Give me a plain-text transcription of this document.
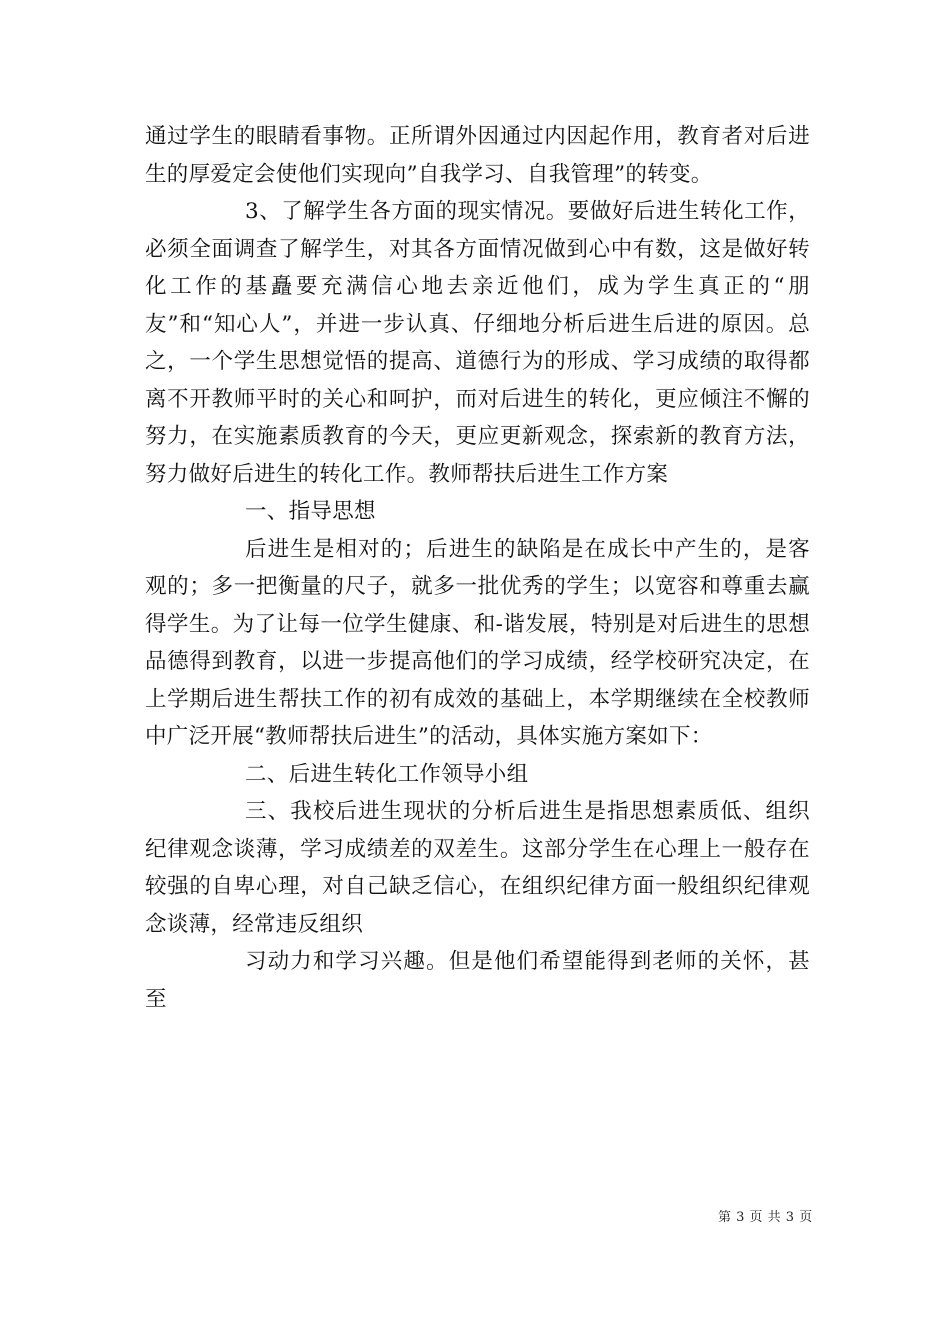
通过学生的眼睛看事物。正所谓外因通过内因起作用，教育者对后进生的厚爱定会使他们实现向”自我学习、自我管理”的转变。

3、了解学生各方面的现实情况。要做好后进生转化工作，必须全面调查了解学生，对其各方面情况做到心中有数，这是做好转化工作的基矗要充满信心地去亲近他们，成为学生真正的“朋友”和“知心人”，并进一步认真、仔细地分析后进生后进的原因。总之，一个学生思想觉悟的提高、道德行为的形成、学习成绩的取得都离不开教师平时的关心和呵护，而对后进生的转化，更应倾注不懈的努力，在实施素质教育的今天，更应更新观念，探索新的教育方法，努力做好后进生的转化工作。教师帮扶后进生工作方案

一、指导思想

后进生是相对的；后进生的缺陷是在成长中产生的，是客观的；多一把衡量的尺子，就多一批优秀的学生；以宽容和尊重去赢得学生。为了让每一位学生健康、和-谐发展，特别是对后进生的思想品德得到教育，以进一步提高他们的学习成绩，经学校研究决定，在上学期后进生帮扶工作的初有成效的基础上，本学期继续在全校教师中广泛开展“教师帮扶后进生”的活动，具体实施方案如下：

二、后进生转化工作领导小组

三、我校后进生现状的分析后进生是指思想素质低、组织纪律观念谈薄，学习成绩差的双差生。这部分学生在心理上一般存在较强的自卑心理，对自己缺乏信心，在组织纪律方面一般组织纪律观念谈薄，经常违反组织

习动力和学习兴趣。但是他们希望能得到老师的关怀，甚至

第 3 页 共 3 页
